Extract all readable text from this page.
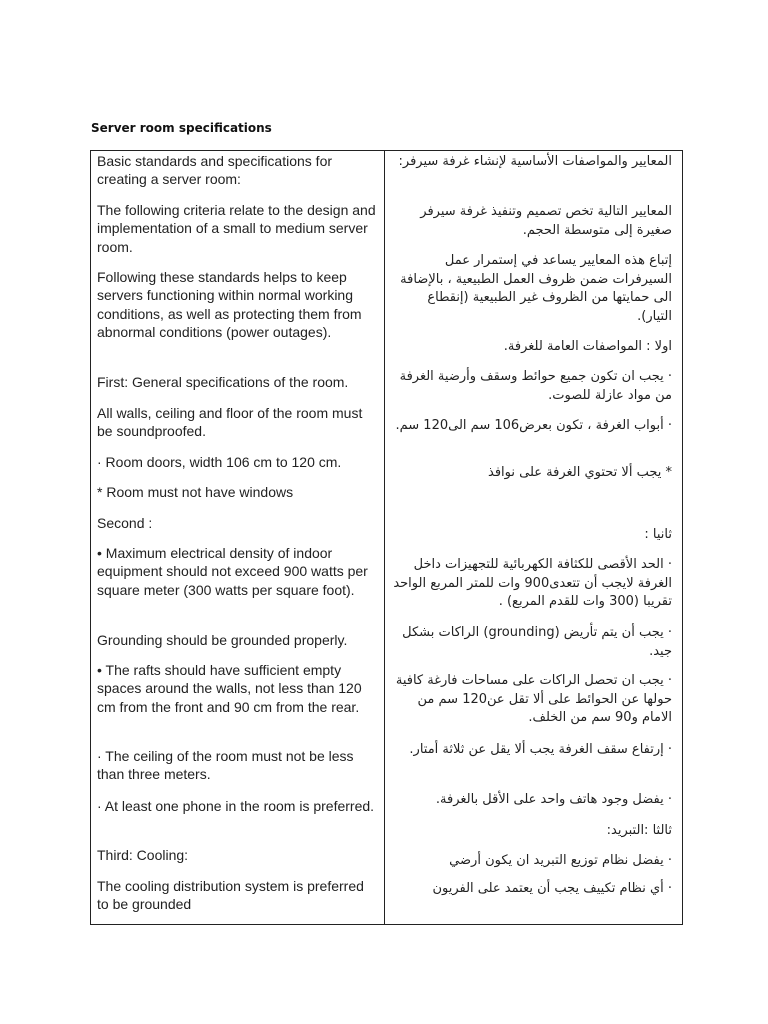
Server room specifications
Basic standards and specifications for creating a server room:
The following criteria relate to the design and implementation of a small to medium server room.
Following these standards helps to keep servers functioning within normal working conditions, as well as protecting them from abnormal conditions (power outages).
First: General specifications of the room.
All walls, ceiling and floor of the room must be soundproofed.
· Room doors, width 106 cm to 120 cm.
* Room must not have windows
Second :
• Maximum electrical density of indoor equipment should not exceed 900 watts per square meter (300 watts per square foot).
Grounding should be grounded properly.
• The rafts should have sufficient empty spaces around the walls, not less than 120 cm from the front and 90 cm from the rear.
· The ceiling of the room must not be less than three meters.
· At least one phone in the room is preferred.
Third: Cooling:
The cooling distribution system is preferred to be grounded
المعايير والمواصفات الأساسية لإنشاء غرفة سيرفر:
المعايير التالية تخص تصميم وتنفيذ غرفة سيرفر صغيرة إلى متوسطة الحجم.
إتباع هذه المعايير يساعد في إستمرار عمل السيرفرات ضمن ظروف العمل الطبيعية ، بالإضافة الى حمايتها من الظروف غير الطبيعية (إنقطاع التيار).
اولا : المواصفات العامة للغرفة.
· يجب ان تكون جميع حوائط وسقف وأرضية الغرفة من مواد عازلة للصوت.
· أبواب الغرفة ، تكون بعرض106 سم الى120 سم.
* يجب ألا تحتوي الغرفة على نوافذ
ثانيا :
· الحد الأقصى للكثافة الكهربائية للتجهيزات داخل الغرفة لايجب أن تتعدى900 وات للمتر المربع الواحد تقريبا (300 وات للقدم المربع) .
· يجب أن يتم تأريض (grounding) الراكات بشكل جيد.
· يجب ان تحصل الراكات على مساحات فارغة كافية حولها عن الحوائط على ألا تقل عن120 سم من الامام و90 سم من الخلف.
· إرتفاع سقف الغرفة يجب ألا يقل عن ثلاثة أمتار.
· يفضل وجود هاتف واحد على الأقل بالغرفة.
ثالثا :التبريد:
· يفضل نظام توزيع التبريد ان يكون أرضي
· أي نظام تكييف يجب أن يعتمد على الفريون
